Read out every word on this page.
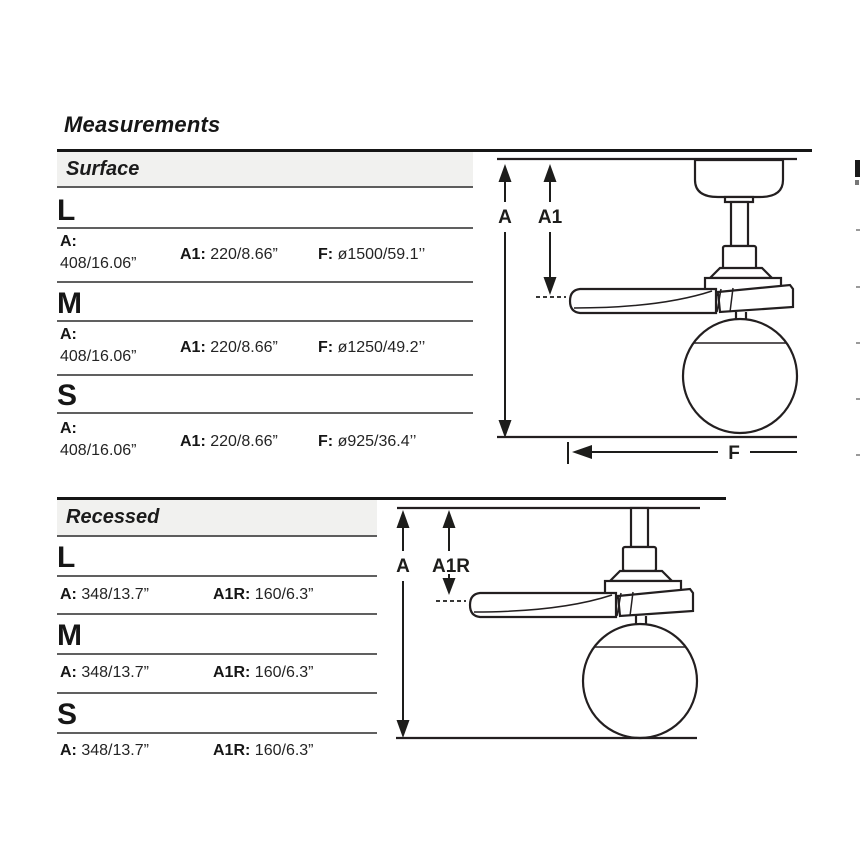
Measurements
Surface
L
A:
408/16.06”
A1: 220/8.66”	F: ø1500/59.1’’
M
A:
408/16.06”
A1: 220/8.66”	F: ø1250/49.2’’
S
A:
408/16.06”
A1: 220/8.66”	F: ø925/36.4’’
A A1
F
Recessed
L
A: 348/13.7”	A1R: 160/6.3”
M
A: 348/13.7”	A1R: 160/6.3”
S
A: 348/13.7”	A1R: 160/6.3”
A A1R
